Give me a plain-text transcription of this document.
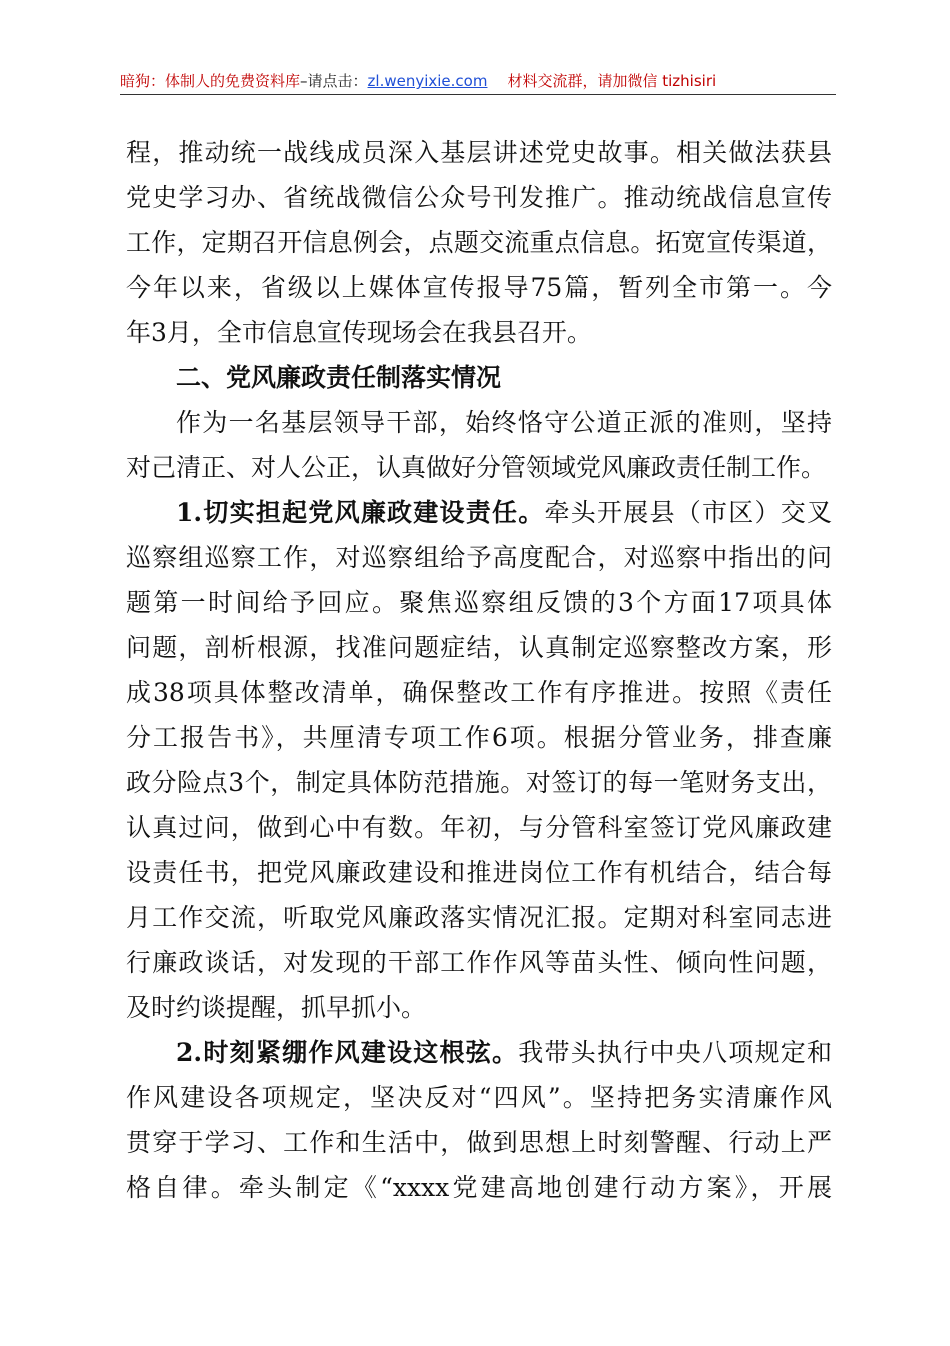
暗狗：体制人的免费资料库–请点击：zl.wenyixie.com 材料交流群，请加微信 tizhisiri
程，推动统一战线成员深入基层讲述党史故事。相关做法获县
党史学习办、省统战微信公众号刊发推广。推动统战信息宣传
工作，定期召开信息例会，点题交流重点信息。拓宽宣传渠道，
今年以来，省级以上媒体宣传报导75篇，暂列全市第一。今
年3月，全市信息宣传现场会在我县召开。
二、党风廉政责任制落实情况
作为一名基层领导干部，始终恪守公道正派的准则，坚持
对己清正、对人公正，认真做好分管领域党风廉政责任制工作。
1.切实担起党风廉政建设责任。牵头开展县（市区）交叉
巡察组巡察工作，对巡察组给予高度配合，对巡察中指出的问
题第一时间给予回应。聚焦巡察组反馈的3个方面17项具体
问题，剖析根源，找准问题症结，认真制定巡察整改方案，形
成38项具体整改清单，确保整改工作有序推进。按照《责任
分工报告书》，共厘清专项工作6项。根据分管业务，排查廉
政分险点3个，制定具体防范措施。对签订的每一笔财务支出，
认真过问，做到心中有数。年初，与分管科室签订党风廉政建
设责任书，把党风廉政建设和推进岗位工作有机结合，结合每
月工作交流，听取党风廉政落实情况汇报。定期对科室同志进
行廉政谈话，对发现的干部工作作风等苗头性、倾向性问题，
及时约谈提醒，抓早抓小。
2.时刻紧绷作风建设这根弦。我带头执行中央八项规定和
作风建设各项规定，坚决反对“四风”。坚持把务实清廉作风
贯穿于学习、工作和生活中，做到思想上时刻警醒、行动上严
格自律。牵头制定《“xxxx党建高地创建行动方案》，开展
